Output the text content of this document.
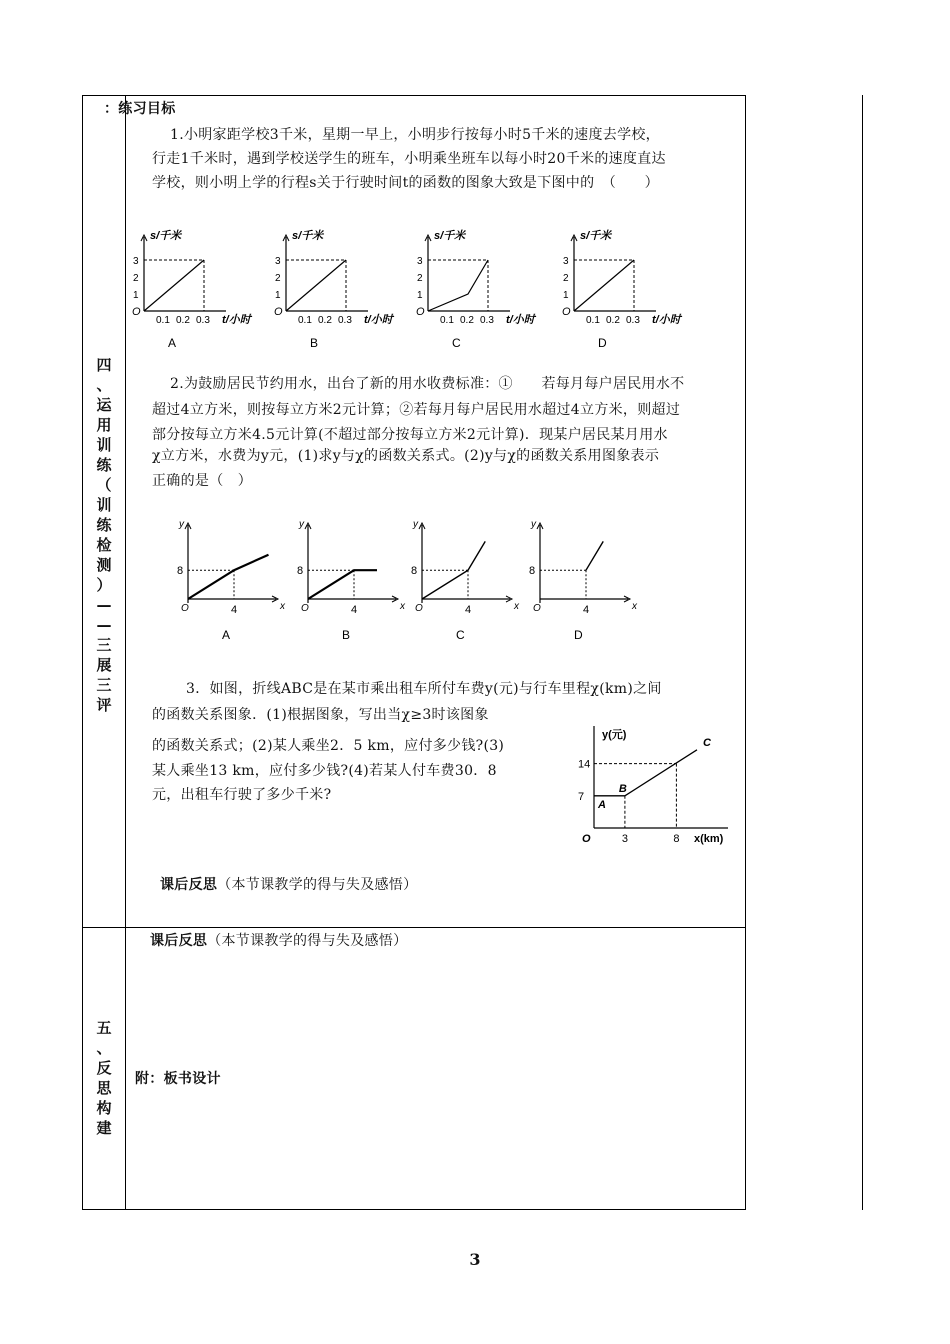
四
、
运
用
训
练
（
训
练
检
测
）
—
—
三
展
三
评
五
、
反
思
构
建
：练习目标
1.小明家距学校3千米，星期一早上，小明步行按每小时5千米的速度去学校，
行走1千米时，遇到学校送学生的班车，小明乘坐班车以每小时20千米的速度直达
学校，则小明上学的行程s关于行驶时间t的函数的图象大致是下图中的　（　　）
s/千米
t/小时
O
1
2
3
0.1 0.2 0.3
A
s/千米
t/小时
O
1
2
3
0.1 0.2 0.3
B
s/千米
t/小时
O
1
2
3
0.1 0.2 0.3
C
s/千米
t/小时
O
1
2
3
0.1 0.2 0.3
D
2.为鼓励居民节约用水，出台了新的用水收费标准：①　　若每月每户居民用水不
超过4立方米，则按每立方米2元计算；②若每月每户居民用水超过4立方米，则超过
部分按每立方米4.5元计算(不超过部分按每立方米2元计算)．现某户居民某月用水
χ立方米，水费为y元，(1)求y与χ的函数关系式。(2)y与χ的函数关系用图象表示
正确的是（　）
y
x
O
8
4
A
y
x
O
8
4
B
y
x
O
8
4
C
y
x
O
8
4
D
3．如图，折线ABC是在某市乘出租车所付车费y(元)与行车里程χ(km)之间
的函数关系图象．(1)根据图象，写出当χ≥3时该图象
的函数关系式；(2)某人乘坐2．5 km，应付多少钱?(3)
某人乘坐13 km，应付多少钱?(4)若某人付车费30．8
元，出租车行驶了多少千米?
y(元)
x(km)
O
7
14
3	8
A
B
C
课后反思（本节课教学的得与失及感悟）
课后反思（本节课教学的得与失及感悟）
附：板书设计
3
